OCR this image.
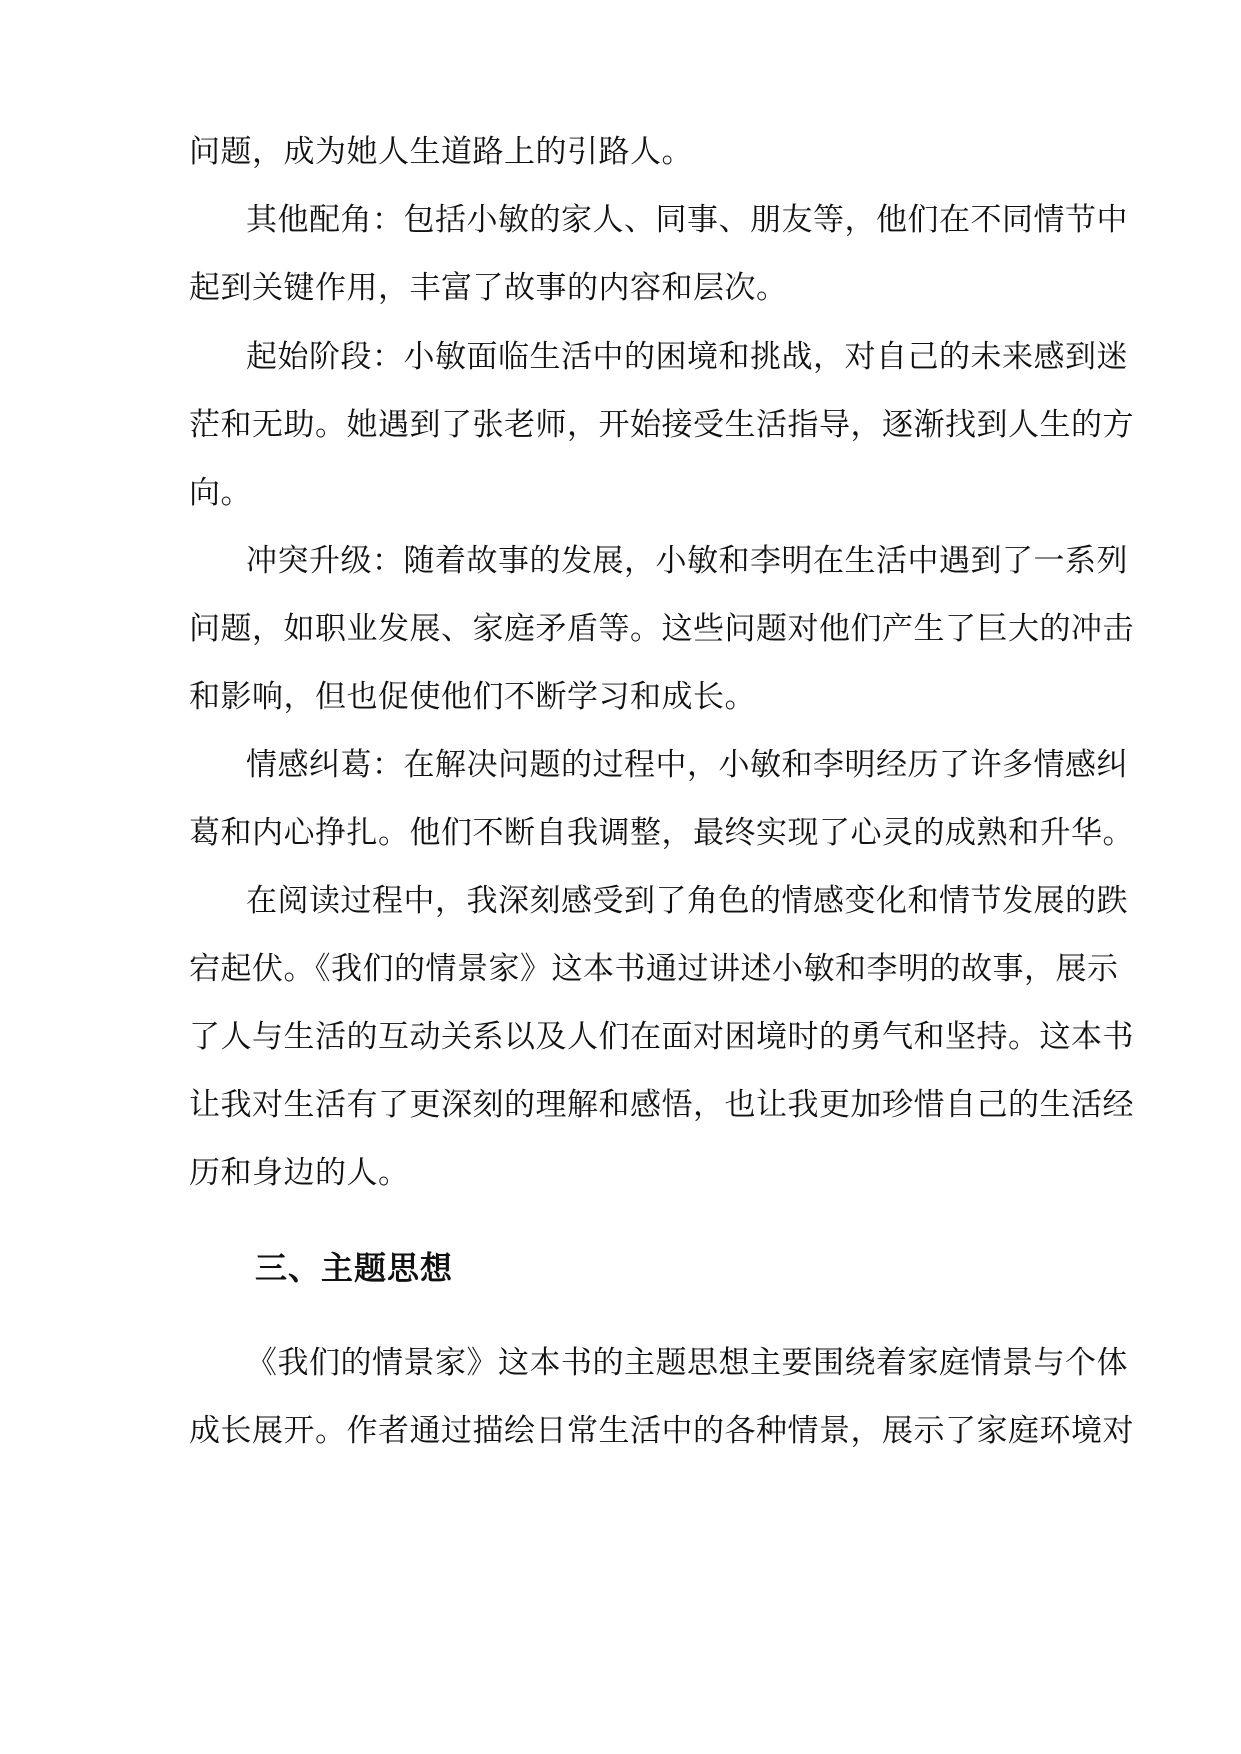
问题，成为她人生道路上的引路人。
其他配角：包括小敏的家人、同事、朋友等，他们在不同情节中
起到关键作用，丰富了故事的内容和层次。
起始阶段：小敏面临生活中的困境和挑战，对自己的未来感到迷
茫和无助。她遇到了张老师，开始接受生活指导，逐渐找到人生的方
向。
冲突升级：随着故事的发展，小敏和李明在生活中遇到了一系列
问题，如职业发展、家庭矛盾等。这些问题对他们产生了巨大的冲击
和影响，但也促使他们不断学习和成长。
情感纠葛：在解决问题的过程中，小敏和李明经历了许多情感纠
葛和内心挣扎。他们不断自我调整，最终实现了心灵的成熟和升华。
在阅读过程中，我深刻感受到了角色的情感变化和情节发展的跌
宕起伏。《我们的情景家》这本书通过讲述小敏和李明的故事，展示
了人与生活的互动关系以及人们在面对困境时的勇气和坚持。这本书
让我对生活有了更深刻的理解和感悟，也让我更加珍惜自己的生活经
历和身边的人。
三、主题思想
《我们的情景家》这本书的主题思想主要围绕着家庭情景与个体
成长展开。作者通过描绘日常生活中的各种情景，展示了家庭环境对
